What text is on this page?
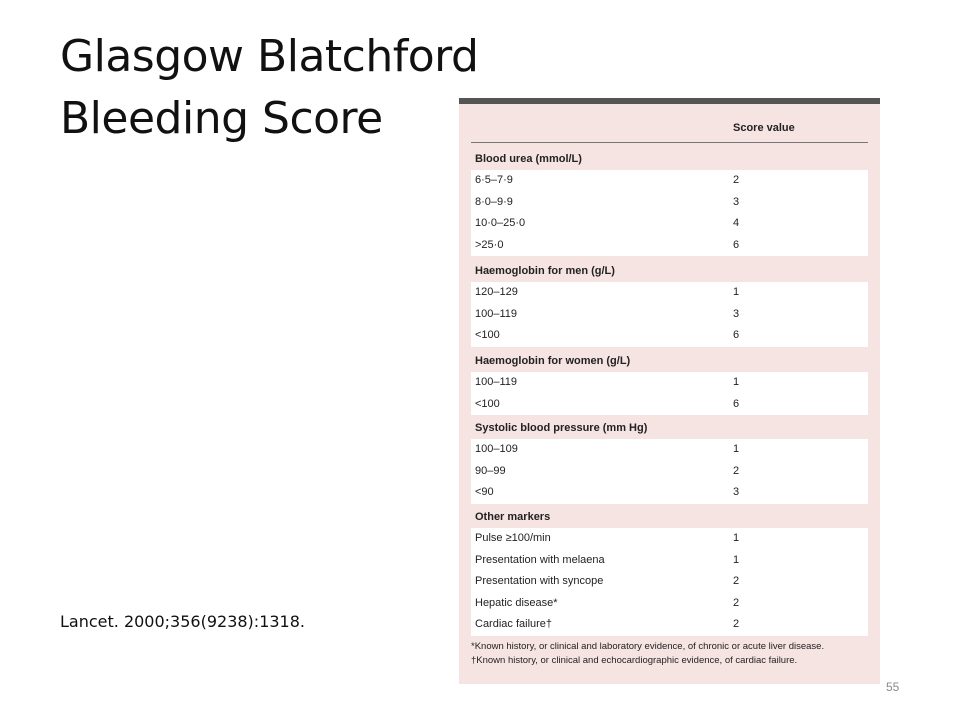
Glasgow Blatchford
Bleeding Score	Score value
Blood urea (mmol/L)
6·5–7·9	2
8·0–9·9	3
10·0–25·0	4
>25·0	6
Haemoglobin for men (g/L)
120–129	1
100–119	3
<100	6
Haemoglobin for women (g/L)
100–119	1
<100	6
Systolic blood pressure (mm Hg)
100–109	1
90–99	2
<90	3
Other markers
Pulse ≥100/min	1
Presentation with melaena	1
Presentation with syncope	2
Hepatic disease*	2
Cardiac failure†	2
*Known history, or clinical and laboratory evidence, of chronic or acute liver disease.
†Known history, or clinical and echocardiographic evidence, of cardiac failure.
Lancet. 2000;356(9238):1318.
55
